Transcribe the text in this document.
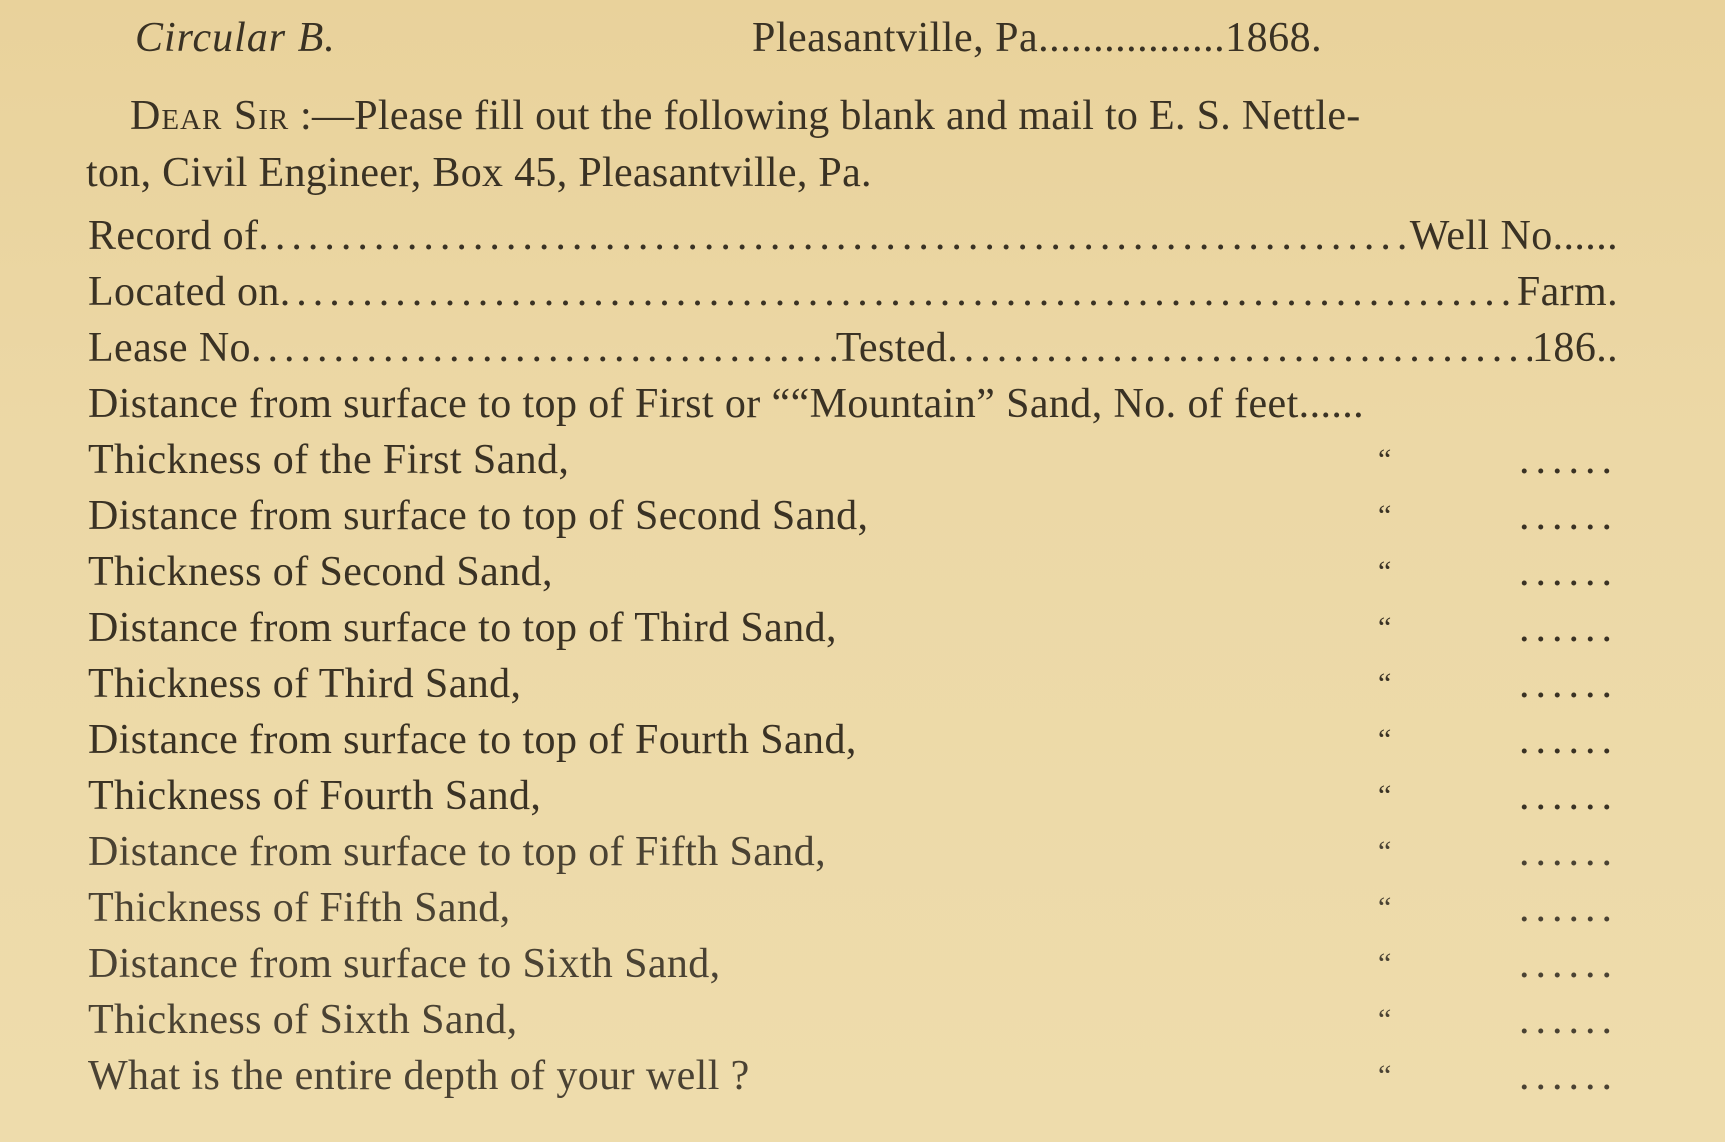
Circular B.	Pleasantville, Pa.................1868.
Dear Sir :—Please fill out the following blank and mail to E. S. Nettle-
ton, Civil Engineer, Box 45, Pleasantville, Pa.
Record of .....	Well No......
Located on .....	Farm.
Lease No .....	Tested .....	186..
Distance from surface to top of First or ““Mountain” Sand, No. of feet......
Thickness of the First Sand,	“	......
Distance from surface to top of Second Sand,	“	......
Thickness of Second Sand,	“	......
Distance from surface to top of Third Sand,	“	......
Thickness of Third Sand,	“	......
Distance from surface to top of Fourth Sand,	“	......
Thickness of Fourth Sand,	“	......
Distance from surface to top of Fifth Sand,	“	......
Thickness of Fifth Sand,	“	......
Distance from surface to Sixth Sand,	“	......
Thickness of Sixth Sand,	“	......
What is the entire depth of your well ?	“	......
